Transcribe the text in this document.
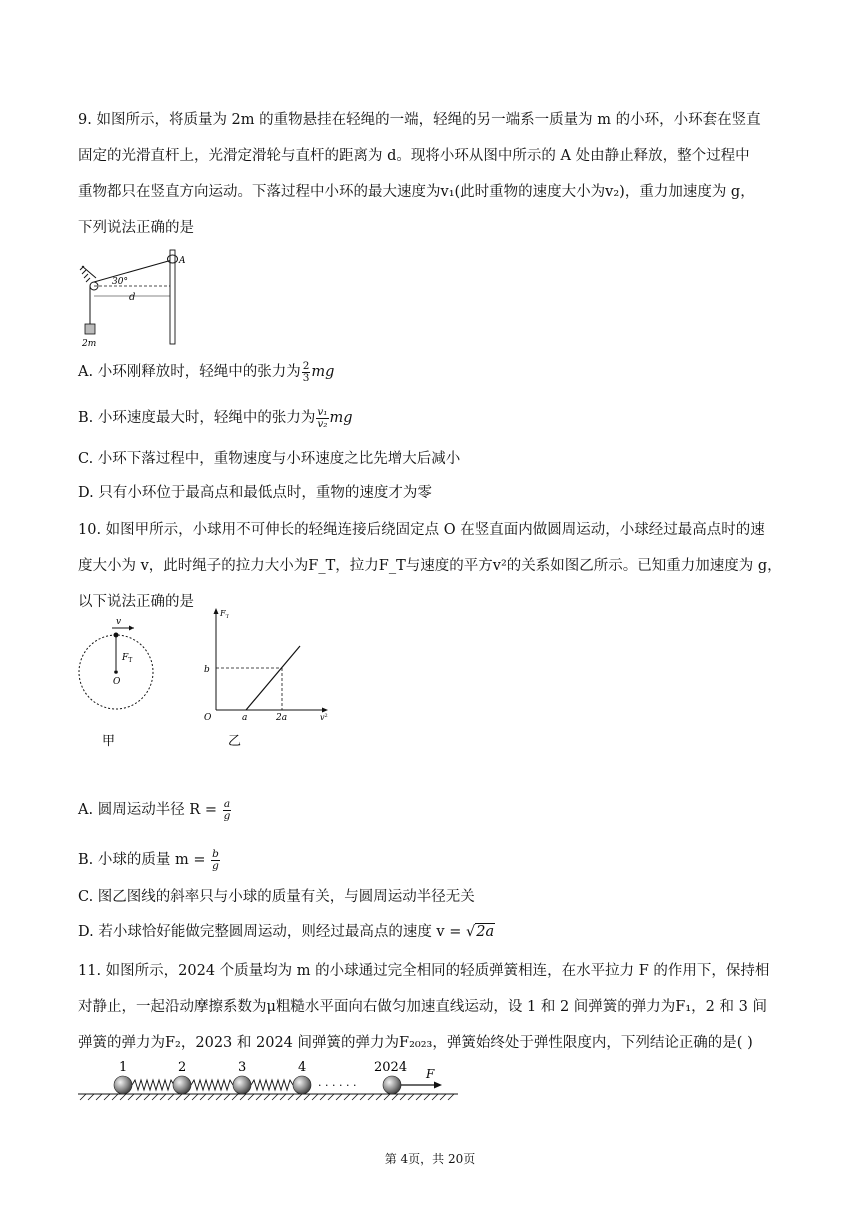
9. 如图所示，将质量为 2m 的重物悬挂在轻绳的一端，轻绳的另一端系一质量为 m 的小环，小环套在竖直
固定的光滑直杆上，光滑定滑轮与直杆的距离为 d。现将小环从图中所示的 A 处由静止释放，整个过程中
重物都只在竖直方向运动。下落过程中小环的最大速度为v₁(此时重物的速度大小为v₂)，重力加速度为 g，
下列说法正确的是
30°
d
A
2m
A. 小环刚释放时，轻绳中的张力为 $\frac{2}{3}$ mg
B. 小环速度最大时，轻绳中的张力为 $\frac{\text{v₁}}{\text{v₂}}$ mg
C. 小环下落过程中，重物速度与小环速度之比先增大后减小
D. 只有小环位于最高点和最低点时，重物的速度才为零
10. 如图甲所示，小球用不可伸长的轻绳连接后绕固定点 O 在竖直面内做圆周运动，小球经过最高点时的速
度大小为 v，此时绳子的拉力大小为F_T，拉力F_T与速度的平方v²的关系如图乙所示。已知重力加速度为 g，
以下说法正确的是
v
$F_T$
O
甲
$F_T$
$v^2$
O
b
a	2a
乙
A. 圆周运动半径 $R = \frac{a}{g}$
B. 小球的质量 $m = \frac{b}{g}$
C. 图乙图线的斜率只与小球的质量有关，与圆周运动半径无关
D. 若小球恰好能做完整圆周运动，则经过最高点的速度 v = √2a
11. 如图所示，2024 个质量均为 m 的小球通过完全相同的轻质弹簧相连，在水平拉力 F 的作用下，保持相
对静止，一起沿动摩擦系数为μ粗糙水平面向右做匀加速直线运动，设 1 和 2 间弹簧的弹力为F₁，2 和 3 间
弹簧的弹力为F₂，2023 和 2024 间弹簧的弹力为F₂₀₂₃，弹簧始终处于弹性限度内，下列结论正确的是( )
1	2	3	4
· · · · · ·
2024 F
第 4页，共 20页
